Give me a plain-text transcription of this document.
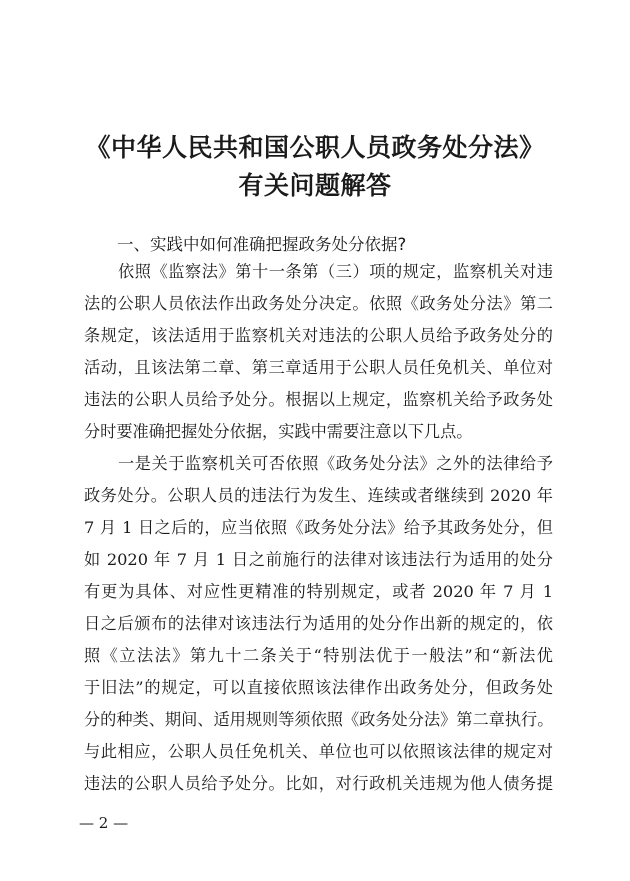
《中华人民共和国公职人员政务处分法》
有关问题解答
一、实践中如何准确把握政务处分依据?
依照《监察法》第十一条第（三）项的规定，监察机关对违
法的公职人员依法作出政务处分决定。依照《政务处分法》第二
条规定，该法适用于监察机关对违法的公职人员给予政务处分的
活动，且该法第二章、第三章适用于公职人员任免机关、单位对
违法的公职人员给予处分。根据以上规定，监察机关给予政务处
分时要准确把握处分依据，实践中需要注意以下几点。
一是关于监察机关可否依照《政务处分法》之外的法律给予
政务处分。公职人员的违法行为发生、连续或者继续到 2020 年
7 月 1 日之后的，应当依照《政务处分法》给予其政务处分，但
如 2020 年 7 月 1 日之前施行的法律对该违法行为适用的处分
有更为具体、对应性更精准的特别规定，或者 2020 年 7 月 1
日之后颁布的法律对该违法行为适用的处分作出新的规定的，依
照《立法法》第九十二条关于“特别法优于一般法”和“新法优
于旧法”的规定，可以直接依照该法律作出政务处分，但政务处
分的种类、期间、适用规则等须依照《政务处分法》第二章执行。
与此相应，公职人员任免机关、单位也可以依照该法律的规定对
违法的公职人员给予处分。比如，对行政机关违规为他人债务提
— 2 —
